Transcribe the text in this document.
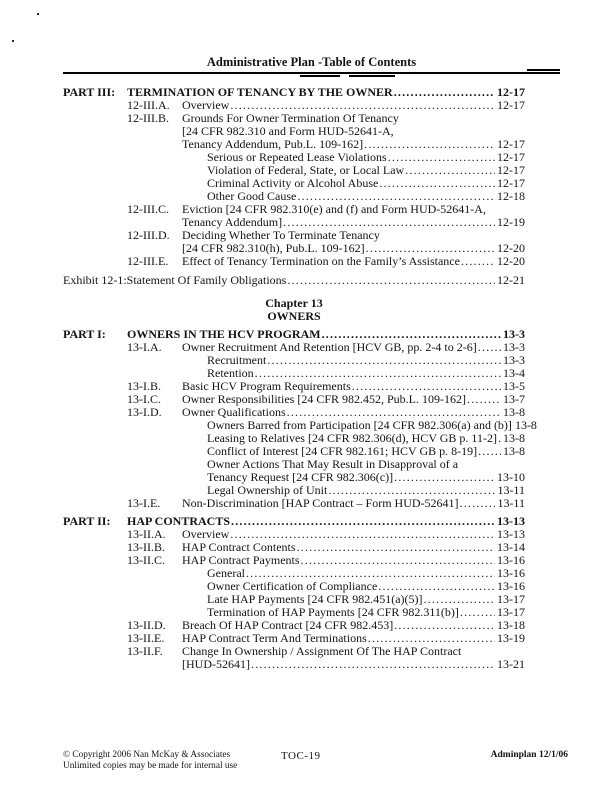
Administrative Plan -Table of Contents
PART III: TERMINATION OF TENANCY BY THE OWNER .....	12-17
12-III.A.	Overview .....	12-17
12-III.B.	Grounds For Owner Termination Of Tenancy
[24 CFR 982.310 and Form HUD-52641-A,
Tenancy Addendum, Pub.L. 109-162] .....	12-17
Serious or Repeated Lease Violations .....	12-17
Violation of Federal, State, or Local Law .....	12-17
Criminal Activity or Alcohol Abuse .....	12-17
Other Good Cause .....	12-18
12-III.C.	Eviction [24 CFR 982.310(e) and (f) and Form HUD-52641-A,
Tenancy Addendum] .....	12-19
12-III.D.	Deciding Whether To Terminate Tenancy
[24 CFR 982.310(h), Pub.L. 109-162] .....	12-20
12-III.E.	Effect of Tenancy Termination on the Family’s Assistance .....	12-20
Exhibit 12-1: Statement Of Family Obligations .....	12-21
Chapter 13
OWNERS
PART I:	OWNERS IN THE HCV PROGRAM .....	13-3
13-I.A.	Owner Recruitment And Retention [HCV GB, pp. 2-4 to 2-6] ..... 13-3
Recruitment .....	13-3
Retention .....	13-4
13-I.B.	Basic HCV Program Requirements .....	13-5
13-I.C.	Owner Responsibilities [24 CFR 982.452, Pub.L. 109-162] .....	13-7
13-I.D.	Owner Qualifications .....	13-8
Owners Barred from Participation [24 CFR 982.306(a) and (b)] 13-8
Leasing to Relatives [24 CFR 982.306(d), HCV GB p. 11-2] ..... 13-8
Conflict of Interest [24 CFR 982.161; HCV GB p. 8-19] ..... 13-8
Owner Actions That May Result in Disapproval of a
Tenancy Request [24 CFR 982.306(c)] .....	13-10
Legal Ownership of Unit .....	13-11
13-I.E.	Non-Discrimination [HAP Contract – Form HUD-52641] .....	13-11
PART II:	HAP CONTRACTS .....	13-13
13-II.A.	Overview .....	13-13
13-II.B.	HAP Contract Contents .....	13-14
13-II.C.	HAP Contract Payments .....	13-16
General .....	13-16
Owner Certification of Compliance .....	13-16
Late HAP Payments [24 CFR 982.451(a)(5)] .....	13-17
Termination of HAP Payments [24 CFR 982.311(b)] .....	13-17
13-II.D.	Breach Of HAP Contract [24 CFR 982.453] .....	13-18
13-II.E.	HAP Contract Term And Terminations .....	13-19
13-II.F.	Change In Ownership / Assignment Of The HAP Contract
[HUD-52641] .....	13-21
© Copyright 2006 Nan McKay & Associates
Unlimited copies may be made for internal use
TOC-19	Adminplan 12/1/06
